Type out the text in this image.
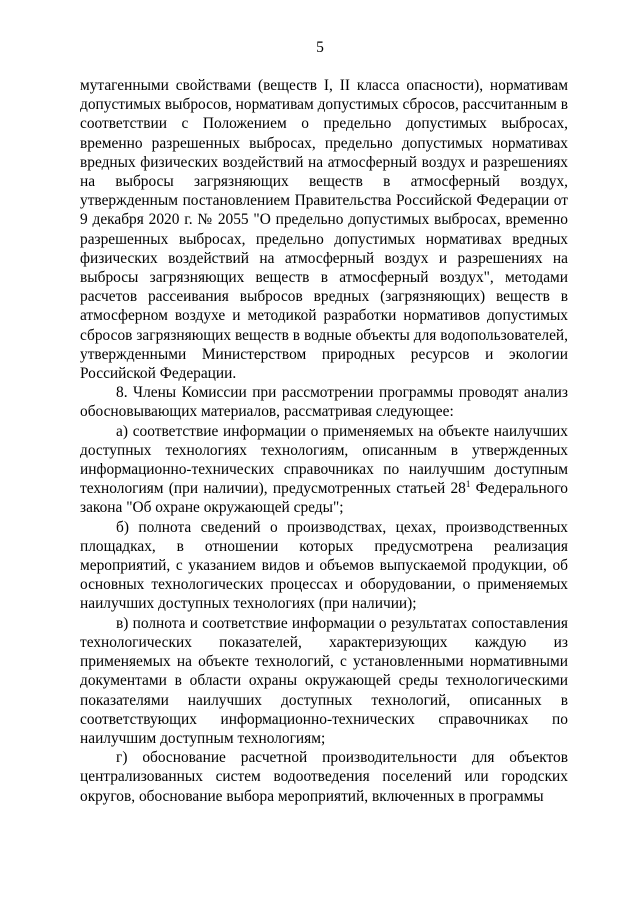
5

мутагенными свойствами (веществ I, II класса опасности), нормативам допустимых выбросов, нормативам допустимых сбросов, рассчитанным в соответствии с Положением о предельно допустимых выбросах, временно разрешенных выбросах, предельно допустимых нормативах вредных физических воздействий на атмосферный воздух и разрешениях на выбросы загрязняющих веществ в атмосферный воздух, утвержденным постановлением Правительства Российской Федерации от 9 декабря 2020 г. № 2055 "О предельно допустимых выбросах, временно разрешенных выбросах, предельно допустимых нормативах вредных физических воздействий на атмосферный воздух и разрешениях на выбросы загрязняющих веществ в атмосферный воздух", методами расчетов рассеивания выбросов вредных (загрязняющих) веществ в атмосферном воздухе и методикой разработки нормативов допустимых сбросов загрязняющих веществ в водные объекты для водопользователей, утвержденными Министерством природных ресурсов и экологии Российской Федерации.

8. Члены Комиссии при рассмотрении программы проводят анализ обосновывающих материалов, рассматривая следующее:

а) соответствие информации о применяемых на объекте наилучших доступных технологиях технологиям, описанным в утвержденных информационно-технических справочниках по наилучшим доступным технологиям (при наличии), предусмотренных статьей $28^1$ Федерального закона "Об охране окружающей среды";

б) полнота сведений о производствах, цехах, производственных площадках, в отношении которых предусмотрена реализация мероприятий, с указанием видов и объемов выпускаемой продукции, об основных технологических процессах и оборудовании, о применяемых наилучших доступных технологиях (при наличии);

в) полнота и соответствие информации о результатах сопоставления технологических показателей, характеризующих каждую из применяемых на объекте технологий, с установленными нормативными документами в области охраны окружающей среды технологическими показателями наилучших доступных технологий, описанных в соответствующих информационно-технических справочниках по наилучшим доступным технологиям;

г) обоснование расчетной производительности для объектов централизованных систем водоотведения поселений или городских округов, обоснование выбора мероприятий, включенных в программы
